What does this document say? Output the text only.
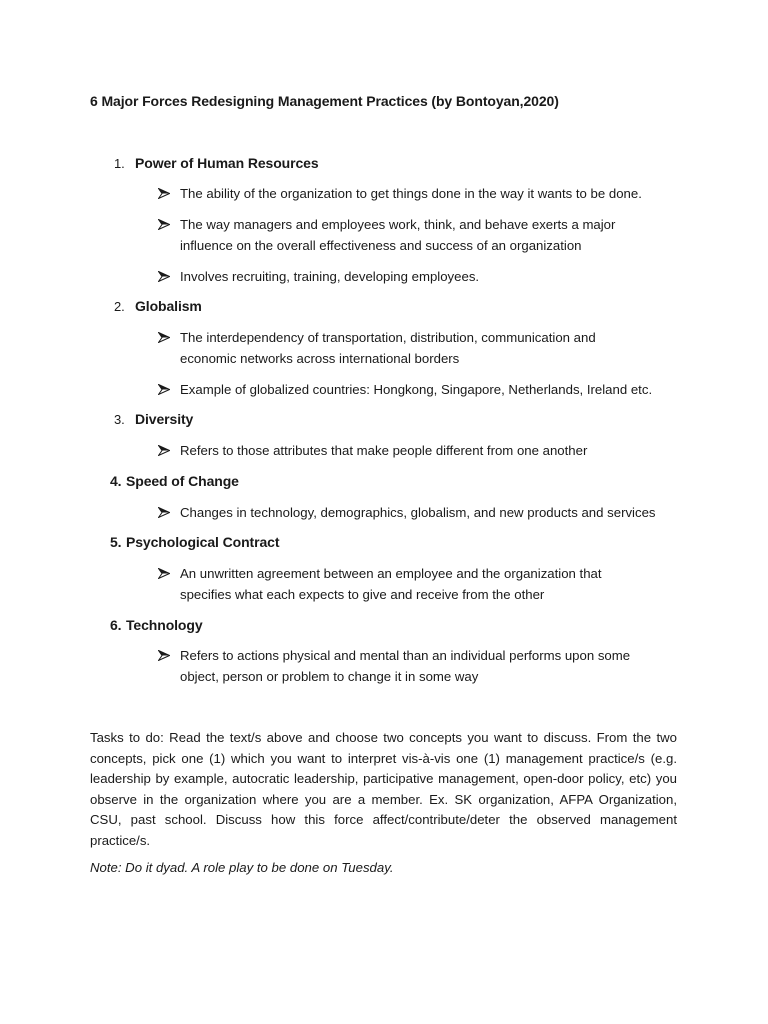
6 Major Forces Redesigning Management Practices (by Bontoyan,2020)
1. Power of Human Resources
The ability of the organization to get things done in the way it wants to be done.
The way managers and employees work, think, and behave exerts a major influence on the overall effectiveness and success of an organization
Involves recruiting, training, developing employees.
2. Globalism
The interdependency of transportation, distribution, communication and economic networks across international borders
Example of globalized countries: Hongkong, Singapore, Netherlands, Ireland etc.
3. Diversity
Refers to those attributes that make people different from one another
4. Speed of Change
Changes in technology, demographics, globalism, and new products and services
5. Psychological Contract
An unwritten agreement between an employee and the organization that specifies what each expects to give and receive from the other
6. Technology
Refers to actions physical and mental than an individual performs upon some object, person or problem to change it in some way

Tasks to do: Read the text/s above and choose two concepts you want to discuss. From the two concepts, pick one (1) which you want to interpret vis-à-vis one (1) management practice/s (e.g. leadership by example, autocratic leadership, participative management, open-door policy, etc) you observe in the organization where you are a member. Ex. SK organization, AFPA Organization, CSU, past school. Discuss how this force affect/contribute/deter the observed management practice/s.

Note: Do it dyad. A role play to be done on Tuesday.
